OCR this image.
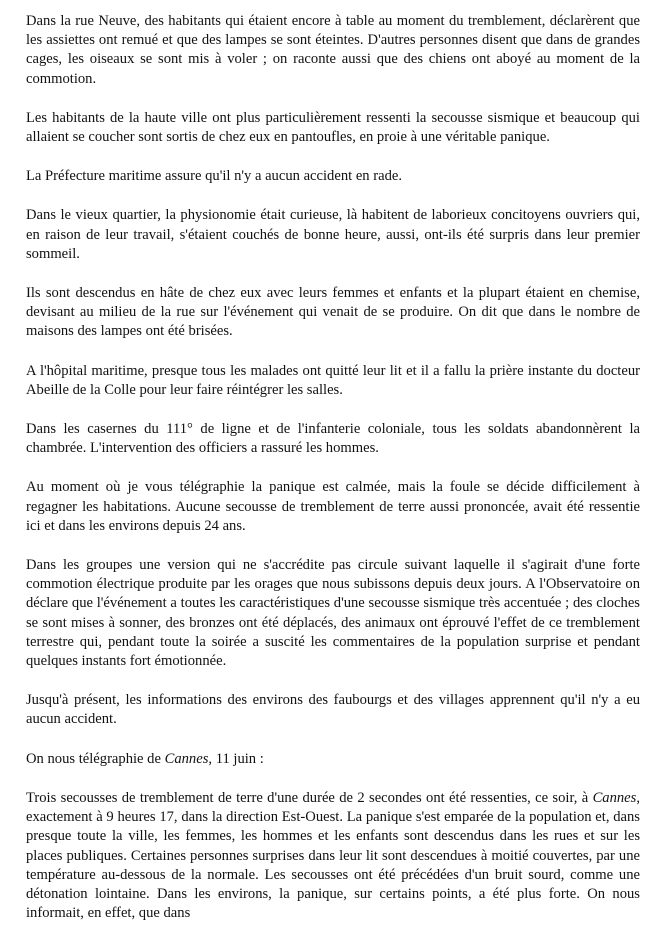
Dans la rue Neuve, des habitants qui étaient encore à table au moment du tremblement, déclarèrent que les assiettes ont remué et que des lampes se sont éteintes. D'autres personnes disent que dans de grandes cages, les oiseaux se sont mis à voler ; on raconte aussi que des chiens ont aboyé au moment de la commotion.

Les habitants de la haute ville ont plus particulièrement ressenti la secousse sismique et beaucoup qui allaient se coucher sont sortis de chez eux en pantoufles, en proie à une véritable panique.

La Préfecture maritime assure qu'il n'y a aucun accident en rade.

Dans le vieux quartier, la physionomie était curieuse, là habitent de laborieux concitoyens ouvriers qui, en raison de leur travail, s'étaient couchés de bonne heure, aussi, ont-ils été surpris dans leur premier sommeil.

Ils sont descendus en hâte de chez eux avec leurs femmes et enfants et la plupart étaient en chemise, devisant au milieu de la rue sur l'événement qui venait de se produire. On dit que dans le nombre de maisons des lampes ont été brisées.

A l'hôpital maritime, presque tous les malades ont quitté leur lit et il a fallu la prière instante du docteur Abeille de la Colle pour leur faire réintégrer les salles.

Dans les casernes du 111° de ligne et de l'infanterie coloniale, tous les soldats abandonnèrent la chambrée. L'intervention des officiers a rassuré les hommes.

Au moment où je vous télégraphie la panique est calmée, mais la foule se décide difficilement à regagner les habitations. Aucune secousse de tremblement de terre aussi prononcée, avait été ressentie ici et dans les environs depuis 24 ans.

Dans les groupes une version qui ne s'accrédite pas circule suivant laquelle il s'agirait d'une forte commotion électrique produite par les orages que nous subissons depuis deux jours. A l'Observatoire on déclare que l'événement a toutes les caractéristiques d'une secousse sismique très accentuée ; des cloches se sont mises à sonner, des bronzes ont été déplacés, des animaux ont éprouvé l'effet de ce tremblement terrestre qui, pendant toute la soirée a suscité les commentaires de la population surprise et pendant quelques instants fort émotionnée.

Jusqu'à présent, les informations des environs des faubourgs et des villages apprennent qu'il n'y a eu aucun accident.

On nous télégraphie de Cannes, 11 juin :

Trois secousses de tremblement de terre d'une durée de 2 secondes ont été ressenties, ce soir, à Cannes, exactement à 9 heures 17, dans la direction Est-Ouest. La panique s'est emparée de la population et, dans presque toute la ville, les femmes, les hommes et les enfants sont descendus dans les rues et sur les places publiques. Certaines personnes surprises dans leur lit sont descendues à moitié couvertes, par une température au-dessous de la normale. Les secousses ont été précédées d'un bruit sourd, comme une détonation lointaine. Dans les environs, la panique, sur certains points, a été plus forte. On nous informait, en effet, que dans
